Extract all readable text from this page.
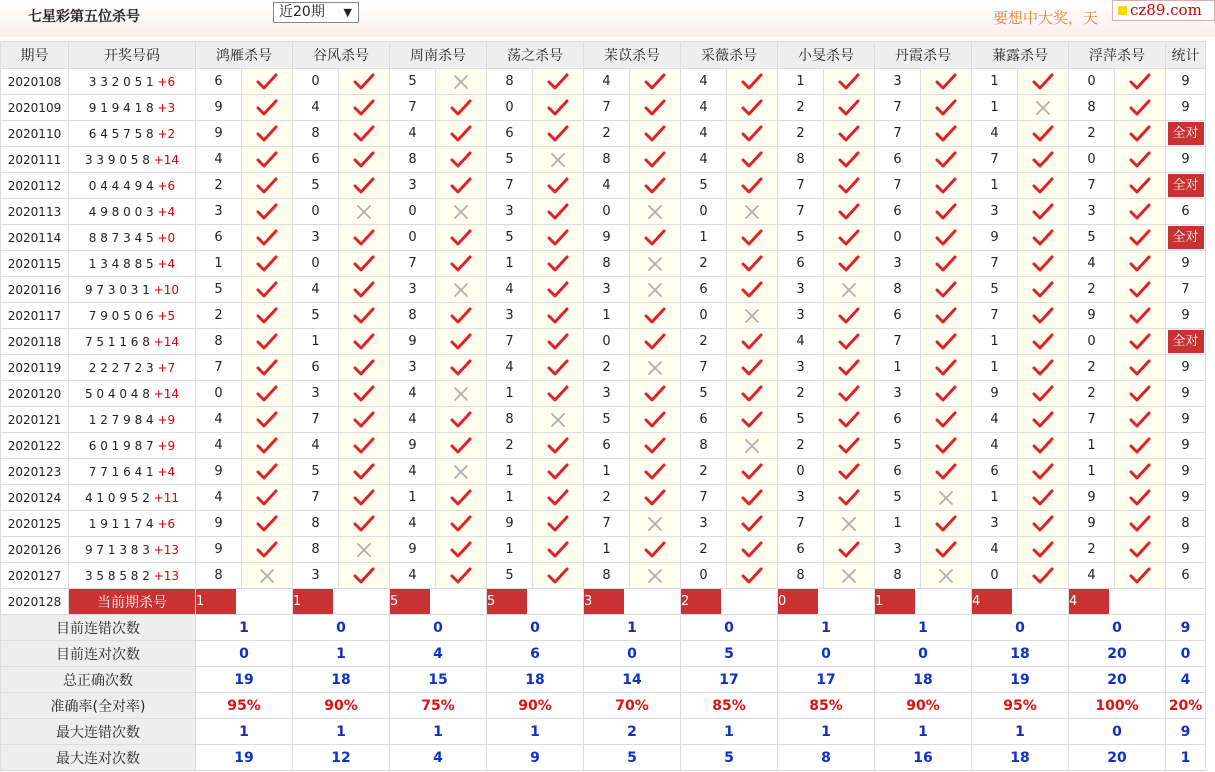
七星彩第五位杀号	近20期 ▼	要想中大奖，天 cz89.com
期号	开奖号码	鸿雁杀号		谷风杀号		周南杀号		荡之杀号		苿苡杀号		采薇杀号		小旻杀号		丹霞杀号		蒹露杀号		浮萍杀号		统计
2020108	3 3 2 0 5 1 +6	6		0		5		8		4		4		1		3		1		0		9
2020109	9 1 9 4 1 8 +3	9		4		7		0		7		4		2		7		1		8		9
2020110	6 4 5 7 5 8 +2	9		8		4		6		2		4		2		7		4		2		全对
2020111	3 3 9 0 5 8 +14	4		6		8		5		8		4		8		6		7		0		9
2020112	0 4 4 4 9 4 +6	2		5		3		7		4		5		7		7		1		7		全对
2020113	4 9 8 0 0 3 +4	3		0		0		3		0		0		7		6		3		3		6
2020114	8 8 7 3 4 5 +0	6		3		0		5		9		1		5		0		9		5		全对
2020115	1 3 4 8 8 5 +4	1		0		7		1		8		2		6		3		7		4		9
2020116	9 7 3 0 3 1 +10	5		4		3		4		3		6		3		8		5		2		7
2020117	7 9 0 5 0 6 +5	2		5		8		3		1		0		3		6		7		9		9
2020118	7 5 1 1 6 8 +14	8		1		9		7		0		2		4		7		1		0		全对
2020119	2 2 2 7 2 3 +7	7		6		3		4		2		7		3		1		1		2		9
2020120	5 0 4 0 4 8 +14	0		3		4		1		3		5		2		3		9		2		9
2020121	1 2 7 9 8 4 +9	4		7		4		8		5		6		5		6		4		7		9
2020122	6 0 1 9 8 7 +9	4		4		9		2		6		8		2		5		4		1		9
2020123	7 7 1 6 4 1 +4	9		5		4		1		1		2		0		6		6		1		9
2020124	4 1 0 9 5 2 +11	4		7		1		1		2		7		3		5		1		9		9
2020125	1 9 1 1 7 4 +6	9		8		4		9		7		3		7		1		3		9		8
2020126	9 7 1 3 8 3 +13	9		8		9		1		1		2		6		3		4		2		9
2020127	3 5 8 5 8 2 +13	8		3		4		5		8		0		8		8		0		4		6
2020128	当前期杀号	1		1		5		5		3		2		0		1		4		4		

目前连错次数		1		0		0		0		1		0		1		1		0		0		9
目前连对次数		0		1		4		6		0		5		0		0		18		20		0
总正确次数		19		18		15		18		14		17		17		18		19		20		4
准确率(全对率)		95%		90%		75%		90%		70%		85%		85%		90%		95%		100%		20%
最大连错次数		1		1		1		1		2		1		1		1		1		0		9
最大连对次数		19		12		4		9		5		5		8		16		18		20		1
